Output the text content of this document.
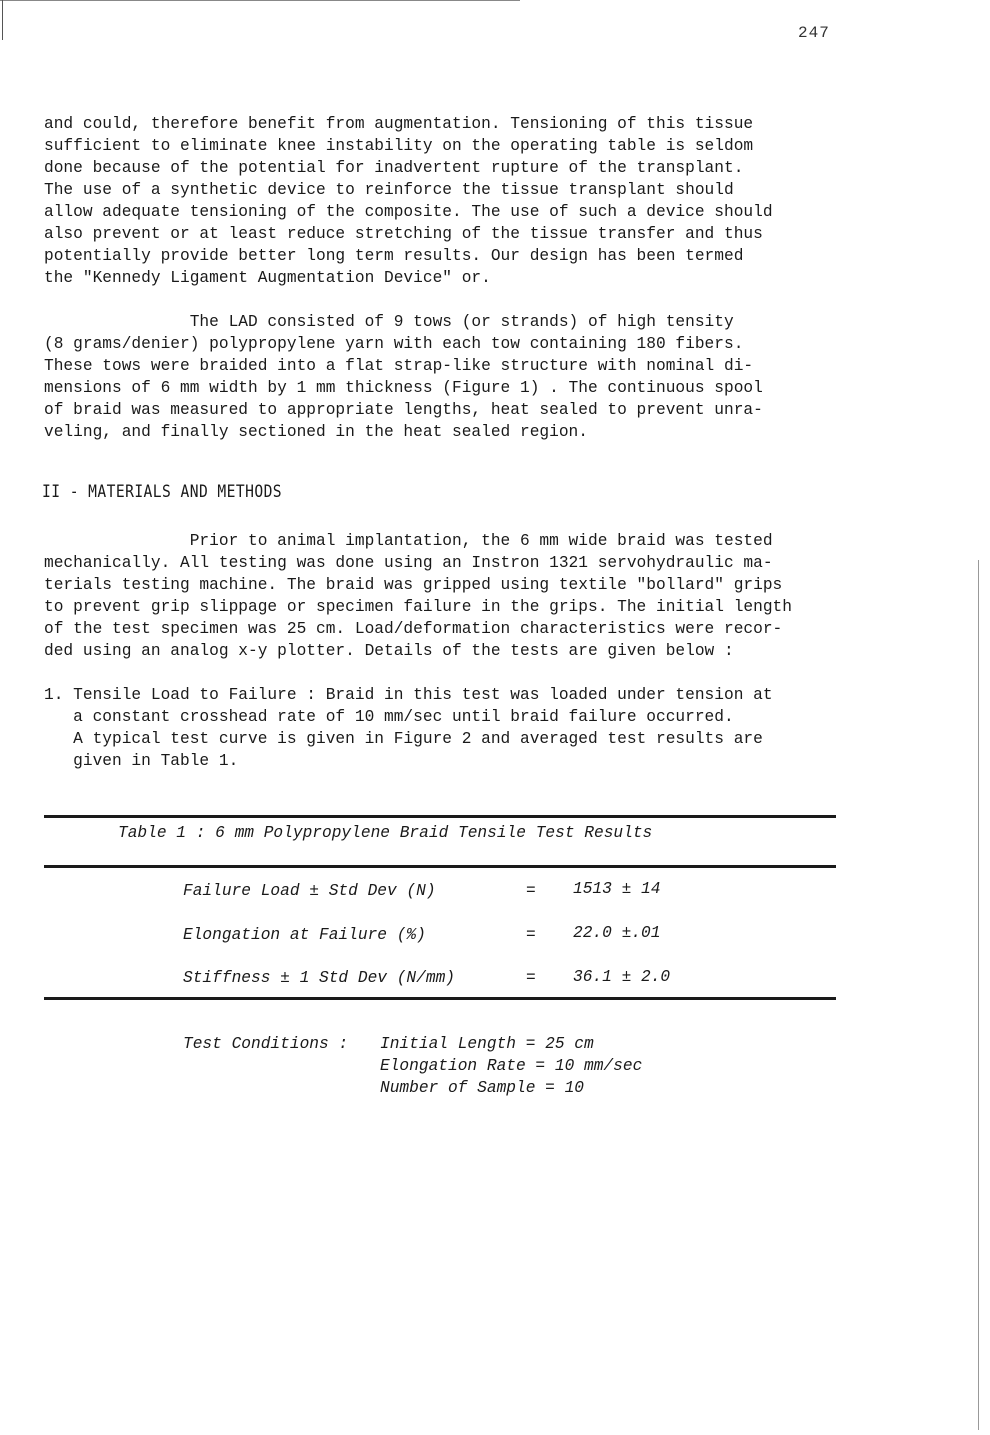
247

and could, therefore benefit from augmentation. Tensioning of this tissue
sufficient to eliminate knee instability on the operating table is seldom
done because of the potential for inadvertent rupture of the transplant.
The use of a synthetic device to reinforce the tissue transplant should
allow adequate tensioning of the composite. The use of such a device should
also prevent or at least reduce stretching of the tissue transfer and thus
potentially provide better long term results. Our design has been termed
the "Kennedy Ligament Augmentation Device" or.

The LAD consisted of 9 tows (or strands) of high tensity
(8 grams/denier) polypropylene yarn with each tow containing 180 fibers.
These tows were braided into a flat strap-like structure with nominal di-
mensions of 6 mm width by 1 mm thickness (Figure 1) . The continuous spool
of braid was measured to appropriate lengths, heat sealed to prevent unra-
veling, and finally sectioned in the heat sealed region.

II - MATERIALS AND METHODS

Prior to animal implantation, the 6 mm wide braid was tested
mechanically. All testing was done using an Instron 1321 servohydraulic ma-
terials testing machine. The braid was gripped using textile "bollard" grips
to prevent grip slippage or specimen failure in the grips. The initial length
of the test specimen was 25 cm. Load/deformation characteristics were recor-
ded using an analog x-y plotter. Details of the tests are given below :

1. Tensile Load to Failure : Braid in this test was loaded under tension at
a constant crosshead rate of 10 mm/sec until braid failure occurred.
A typical test curve is given in Figure 2 and averaged test results are
given in Table 1.

Table 1 : 6 mm Polypropylene Braid Tensile Test Results
Failure Load ± Std Dev (N)	= 1513 ± 14
Elongation at Failure (%)	= 22.0 ±.01
Stiffness ± 1 Std Dev (N/mm)	= 36.1 ± 2.0
Test Conditions : Initial Length = 25 cm
Elongation Rate = 10 mm/sec
Number of Sample = 10
